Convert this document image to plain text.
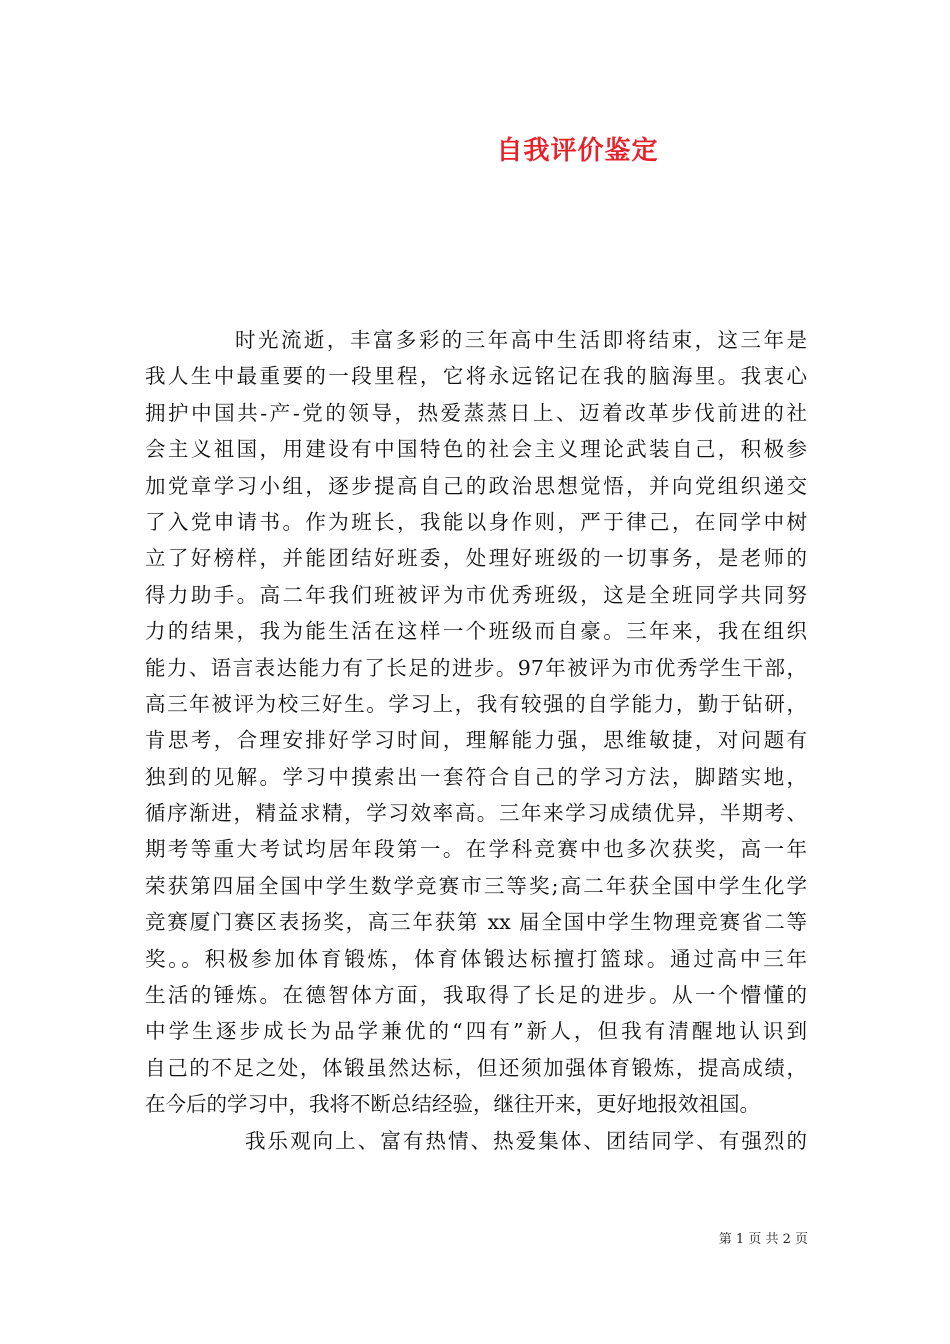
自我评价鉴定
时光流逝，丰富多彩的三年高中生活即将结束，这三年是
我人生中最重要的一段里程，它将永远铭记在我的脑海里。我衷心
拥护中国共-产-党的领导，热爱蒸蒸日上、迈着改革步伐前进的社
会主义祖国，用建设有中国特色的社会主义理论武装自己，积极参
加党章学习小组，逐步提高自己的政治思想觉悟，并向党组织递交
了入党申请书。作为班长，我能以身作则，严于律己，在同学中树
立了好榜样，并能团结好班委，处理好班级的一切事务，是老师的
得力助手。高二年我们班被评为市优秀班级，这是全班同学共同努
力的结果，我为能生活在这样一个班级而自豪。三年来，我在组织
能力、语言表达能力有了长足的进步。97年被评为市优秀学生干部，
高三年被评为校三好生。学习上，我有较强的自学能力，勤于钻研，
肯思考，合理安排好学习时间，理解能力强，思维敏捷，对问题有
独到的见解。学习中摸索出一套符合自己的学习方法，脚踏实地，
循序渐进，精益求精，学习效率高。三年来学习成绩优异，半期考、
期考等重大考试均居年段第一。在学科竞赛中也多次获奖，高一年
荣获第四届全国中学生数学竞赛市三等奖;高二年获全国中学生化学
竞赛厦门赛区表扬奖，高三年获第 xx 届全国中学生物理竞赛省二等
奖。。积极参加体育锻炼，体育体锻达标擅打篮球。通过高中三年
生活的锤炼。在德智体方面，我取得了长足的进步。从一个懵懂的
中学生逐步成长为品学兼优的“四有”新人，但我有清醒地认识到
自己的不足之处，体锻虽然达标，但还须加强体育锻炼，提高成绩，
在今后的学习中，我将不断总结经验，继往开来，更好地报效祖国。
我乐观向上、富有热情、热爱集体、团结同学、有强烈的
第 1 页 共 2 页
